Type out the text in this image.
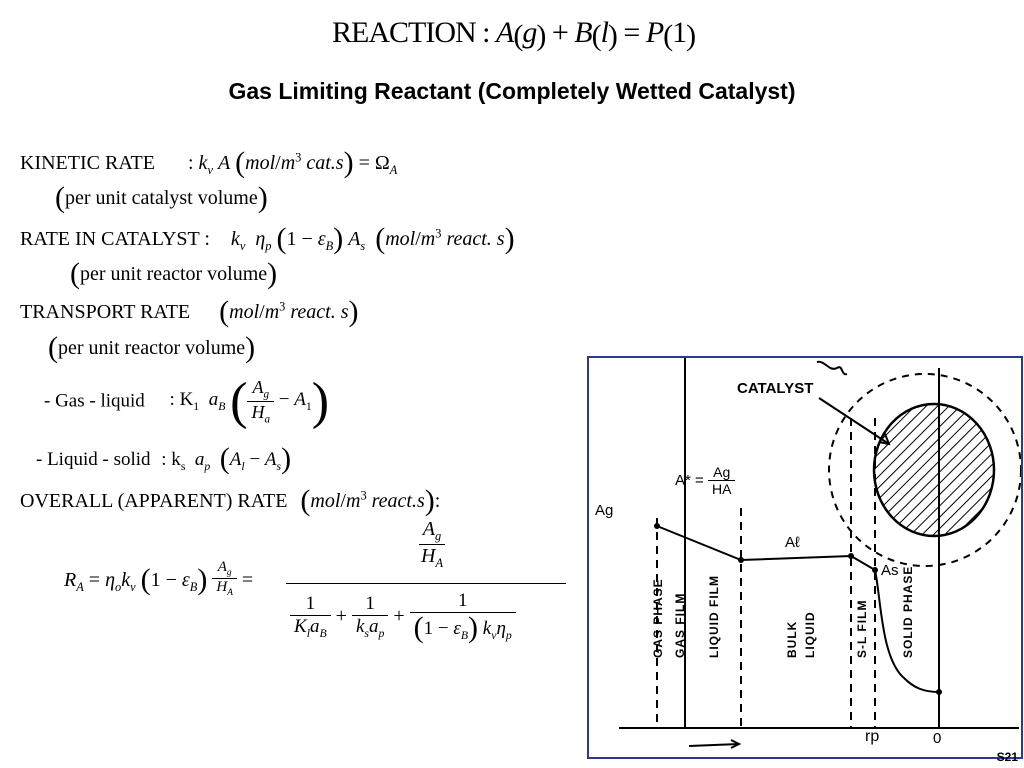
REACTION : A(g) + B(l) = P(1)
Gas Limiting Reactant (Completely Wetted Catalyst)
KINETIC RATE : $k_v$ A ($mol/m^3$ $cat.s) = \Omega_A$
(per unit catalyst volume)
RATE IN CATALYST : $k_v$ $\eta_p$ $(1 - \varepsilon_B)$ $A_s$ ($mol/m^3$ react. s)
(per unit reactor volume)
TRANSPORT RATE ($mol/m^3$ react. s)
(per unit reactor volume)
- Gas - liquid : $K_1$ $a_B$ ( $\frac{A_g}{H_a} - A_1$)
- Liquid - solid : $k_s$ $a_p$ $(A_l - A_s)$
OVERALL (APPARENT) RATE ($mol/m^3$ react.s):
$R_A = \eta_ok_v$ $(1 - \varepsilon_B) \frac{A_g}{H_A}$ =
$A_g$
$H_A$
$\frac{1}{K_la_B} + \frac{1}{k_sa_p} + \frac{1}{(1 - \varepsilon_B) k_v\eta_p}$
CATALYST
$A* = \frac{Ag}{HA}$
Ag
Aℓ
As
GAS PHASE GAS FILM LIQUID FILM	BULK LIQUID	S-L FILM	SOLID PHASE
rp	0
S21
